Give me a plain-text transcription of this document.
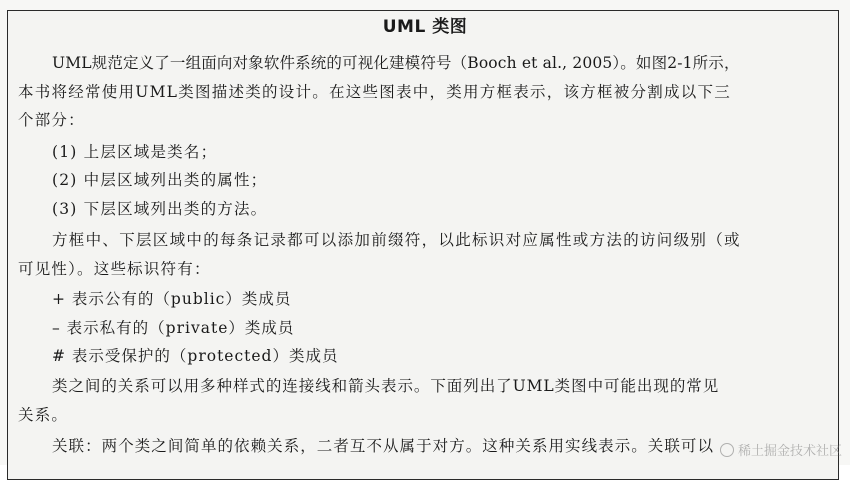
UML 类图
UML规范定义了一组面向对象软件系统的可视化建模符号（Booch et al., 2005）。如图2-1所示，
本书将经常使用UML类图描述类的设计。在这些图表中，类用方框表示，该方框被分割成以下三
个部分：
(1) 上层区域是类名；
(2) 中层区域列出类的属性；
(3) 下层区域列出类的方法。
方框中、下层区域中的每条记录都可以添加前缀符，以此标识对应属性或方法的访问级别（或
可见性）。这些标识符有：
+ 表示公有的（public）类成员
– 表示私有的（private）类成员
# 表示受保护的（protected）类成员
类之间的关系可以用多种样式的连接线和箭头表示。下面列出了UML类图中可能出现的常见
关系。
关联：两个类之间简单的依赖关系，二者互不从属于对方。这种关系用实线表示。关联可以 稀土掘金技术社区
